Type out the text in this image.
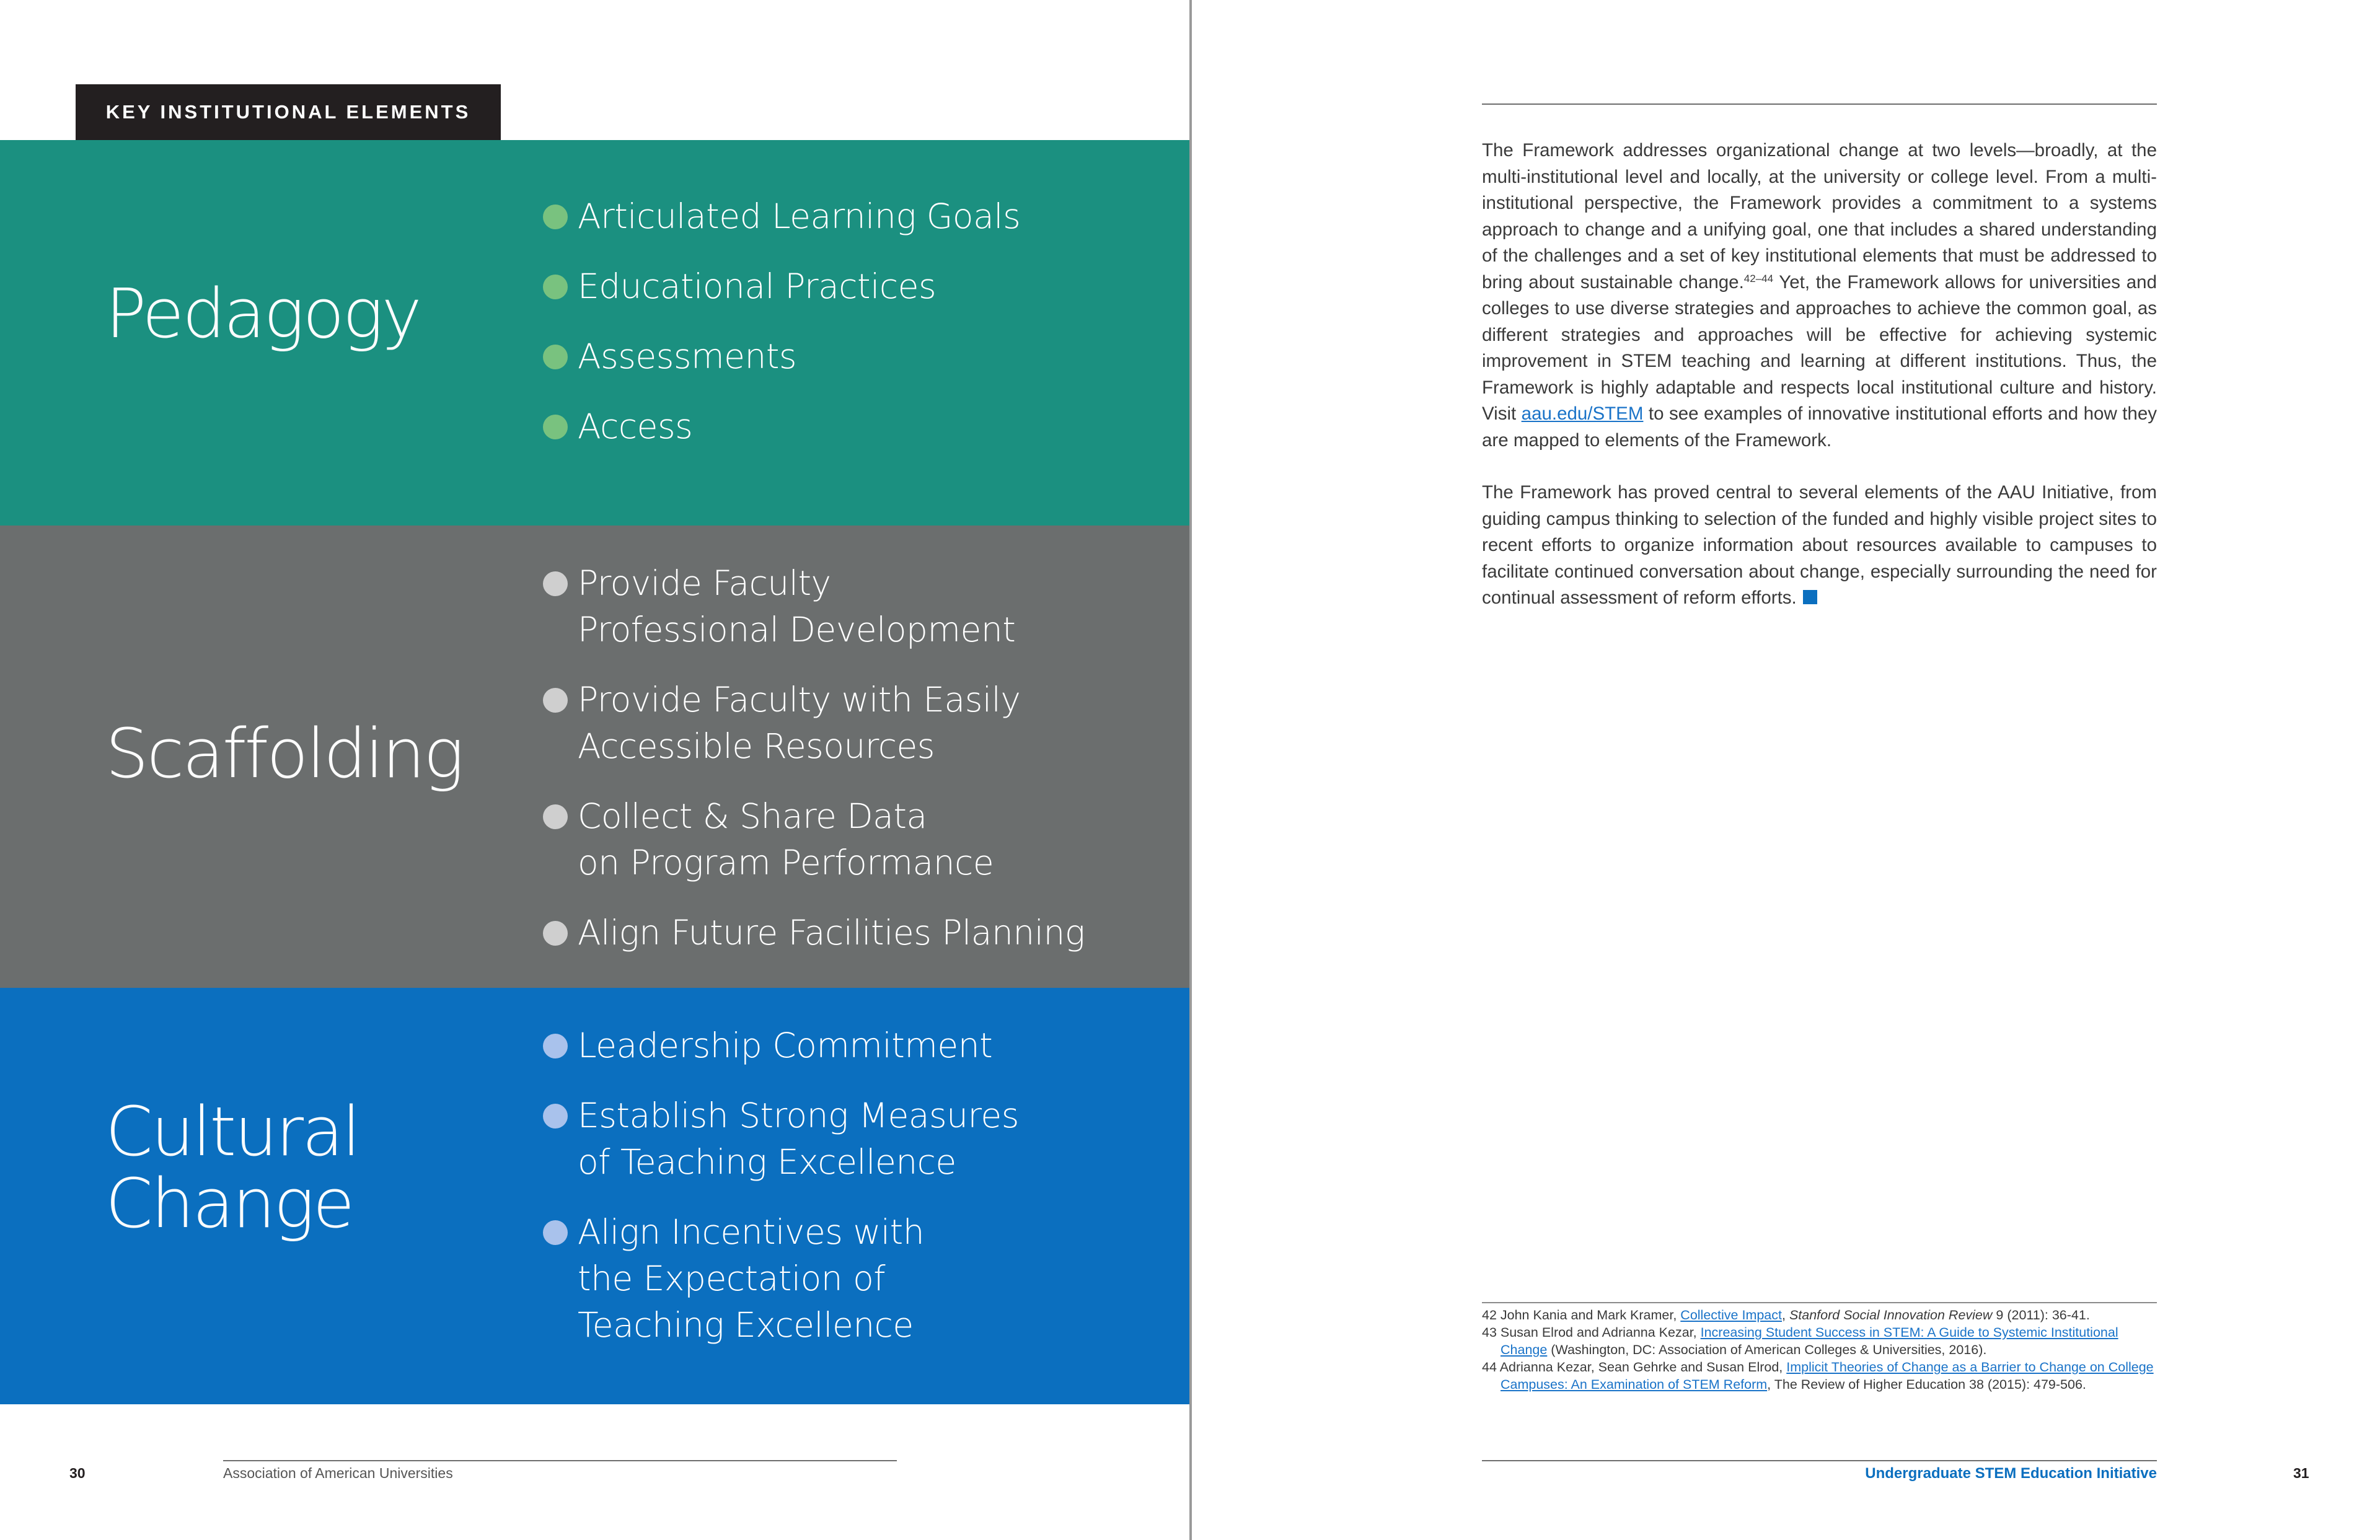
KEY INSTITUTIONAL ELEMENTS
Pedagogy
Articulated Learning Goals
Educational Practices
Assessments
Access
Scaffolding
Provide Faculty
Professional Development
Provide Faculty with Easily
Accessible Resources
Collect & Share Data
on Program Performance
Align Future Facilities Planning
Cultural
Change
Leadership Commitment
Establish Strong Measures
of Teaching Excellence
Align Incentives with
the Expectation of
Teaching Excellence
30	Association of American Universities

The Framework addresses organizational change at two levels—broadly, at the multi-institutional level and locally, at the university or college level. From a multi-institutional perspective, the Framework provides a commitment to a systems approach to change and a unifying goal, one that includes a shared understanding of the challenges and a set of key institutional elements that must be addressed to bring about sustainable change.$^{42-44}$ Yet, the Framework allows for universities and colleges to use diverse strategies and approaches to achieve the common goal, as different strategies and approaches will be effective for achieving systemic improvement in STEM teaching and learning at different institutions. Thus, the Framework is highly adaptable and respects local institutional culture and history. Visit aau.edu/STEM to see examples of innovative institutional efforts and how they are mapped to elements of the Framework.

The Framework has proved central to several elements of the AAU Initiative, from guiding campus thinking to selection of the funded and highly visible project sites to recent efforts to organize information about resources available to campuses to facilitate continued conversation about change, especially surrounding the need for continual assessment of reform efforts.

42 John Kania and Mark Kramer, Collective Impact, Stanford Social Innovation Review 9 (2011): 36-41.
43 Susan Elrod and Adrianna Kezar, Increasing Student Success in STEM: A Guide to Systemic Institutional Change (Washington, DC: Association of American Colleges & Universities, 2016).
44 Adrianna Kezar, Sean Gehrke and Susan Elrod, Implicit Theories of Change as a Barrier to Change on College Campuses: An Examination of STEM Reform, The Review of Higher Education 38 (2015): 479-506.
Undergraduate STEM Education Initiative	31
